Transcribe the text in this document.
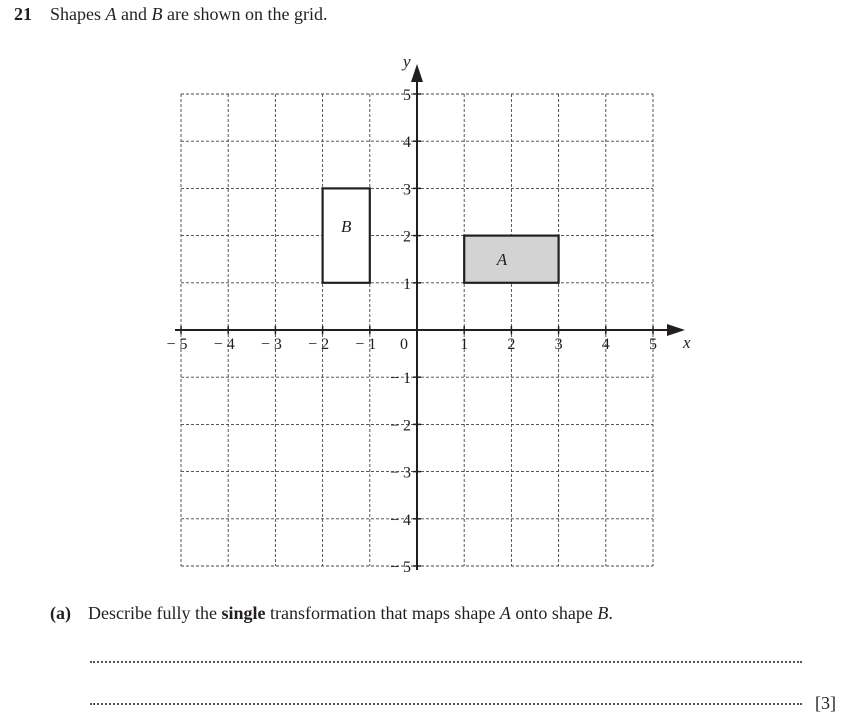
21 Shapes A and B are shown on the grid.
B
A
x
y
− 5 − 4 − 3 − 2 − 1	1 2 3 4 5
0
− 5
− 4
− 3
− 2
− 1
1
2
3
4
5
(a) Describe fully the single transformation that maps shape A onto shape B.
[3]
